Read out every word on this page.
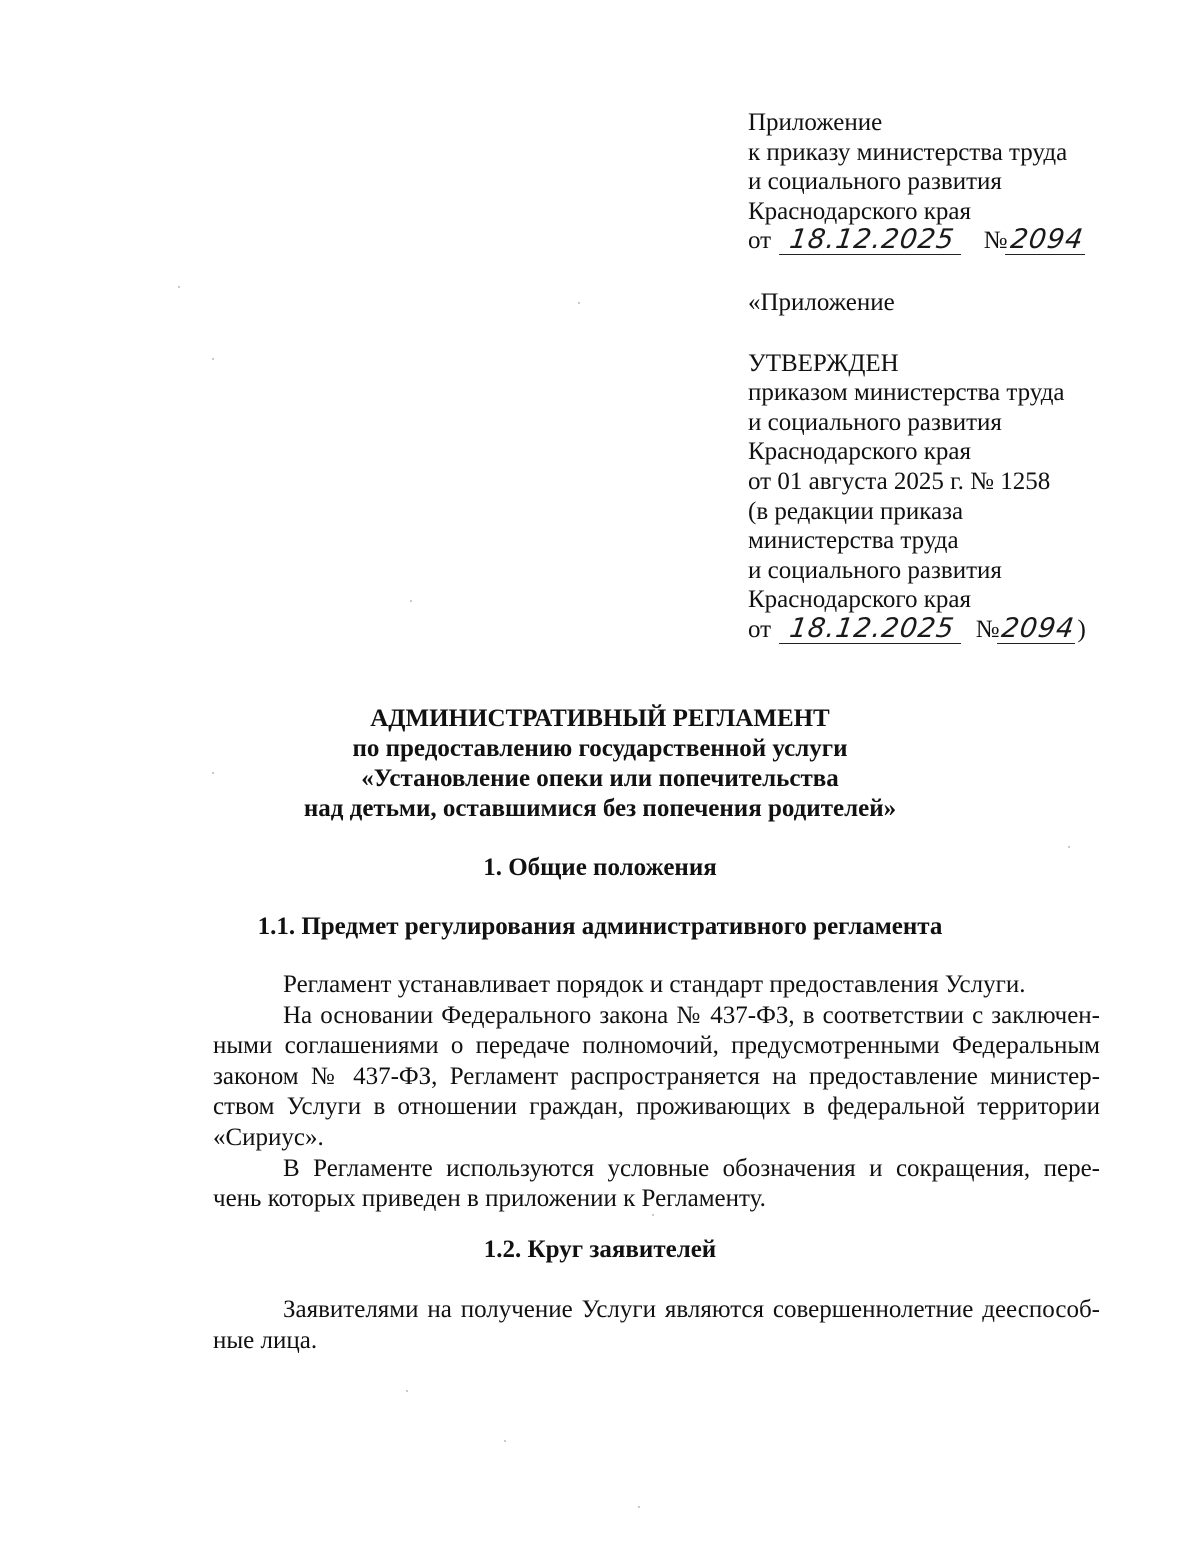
Приложение
к приказу министерства труда
и социального развития
Краснодарского края
от 18.12.2025 №2094
«Приложение
УТВЕРЖДЕН
приказом министерства труда
и социального развития
Краснодарского края
от 01 августа 2025 г. № 1258
(в редакции приказа
министерства труда
и социального развития
Краснодарского края
от 18.12.2025 №2094)
АДМИНИСТРАТИВНЫЙ РЕГЛАМЕНТ
по предоставлению государственной услуги
«Установление опеки или попечительства
над детьми, оставшимися без попечения родителей»
1. Общие положения
1.1. Предмет регулирования административного регламента
Регламент устанавливает порядок и стандарт предоставления Услуги.
На основании Федерального закона № 437-ФЗ, в соответствии с заключен-
ными соглашениями о передаче полномочий, предусмотренными Федеральным
законом № 437-ФЗ, Регламент распространяется на предоставление министер-
ством Услуги в отношении граждан, проживающих в федеральной территории
«Сириус».
В Регламенте используются условные обозначения и сокращения, пере-
чень которых приведен в приложении к Регламенту.
1.2. Круг заявителей
Заявителями на получение Услуги являются совершеннолетние дееспособ-
ные лица.
